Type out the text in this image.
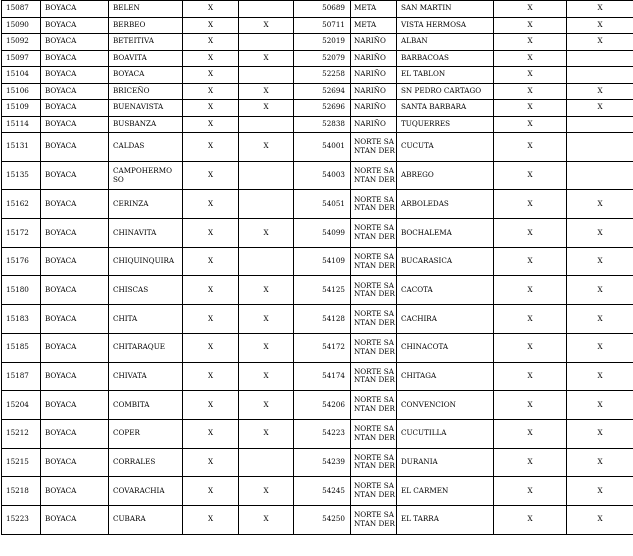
15087	BOYACA	BELEN	X		50689	META	SAN MARTIN	X	X
15090	BOYACA	BERBEO	X	X	50711	META	VISTA HERMOSA	X	X
15092	BOYACA	BETEITIVA	X		52019	NARIÑO	ALBAN	X	X
15097	BOYACA	BOAVITA	X	X	52079	NARIÑO	BARBACOAS	X	
15104	BOYACA	BOYACA	X		52258	NARIÑO	EL TABLON	X	
15106	BOYACA	BRICEÑO	X	X	52694	NARIÑO	SN PEDRO CARTAGO	X	X
15109	BOYACA	BUENAVISTA	X	X	52696	NARIÑO	SANTA BARBARA	X	X
15114	BOYACA	BUSBANZA	X		52838	NARIÑO	TUQUERRES	X	
15131	BOYACA	CALDAS	X	X	54001	NORTE SANTAN DER	CUCUTA	X	
15135	BOYACA	CAMPOHERMO SO	X		54003	NORTE SANTAN DER	ABREGO	X	
15162	BOYACA	CERINZA	X		54051	NORTE SANTAN DER	ARBOLEDAS	X	X
15172	BOYACA	CHINAVITA	X	X	54099	NORTE SANTAN DER	BOCHALEMA	X	X
15176	BOYACA	CHIQUINQUIRA	X		54109	NORTE SANTAN DER	BUCARASICA	X	X
15180	BOYACA	CHISCAS	X	X	54125	NORTE SANTAN DER	CACOTA	X	X
15183	BOYACA	CHITA	X	X	54128	NORTE SANTAN DER	CACHIRA	X	X
15185	BOYACA	CHITARAQUE	X	X	54172	NORTE SANTAN DER	CHINACOTA	X	X
15187	BOYACA	CHIVATA	X	X	54174	NORTE SANTAN DER	CHITAGA	X	X
15204	BOYACA	COMBITA	X	X	54206	NORTE SANTAN DER	CONVENCION	X	X
15212	BOYACA	COPER	X	X	54223	NORTE SANTAN DER	CUCUTILLA	X	X
15215	BOYACA	CORRALES	X		54239	NORTE SANTAN DER	DURANIA	X	X
15218	BOYACA	COVARACHIA	X	X	54245	NORTE SANTAN DER	EL CARMEN	X	X
15223	BOYACA	CUBARA	X	X	54250	NORTE SANTAN DER	EL TARRA	X	X
